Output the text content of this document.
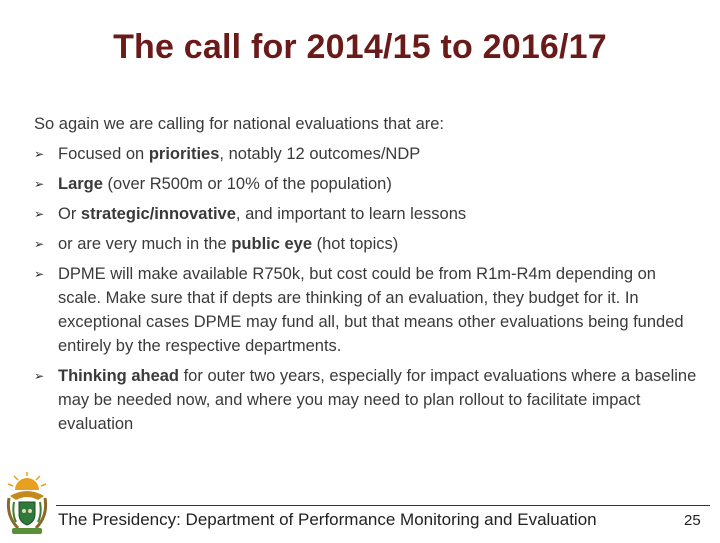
The call for 2014/15 to 2016/17

So again we are calling for national evaluations that are:

➢ Focused on priorities, notably 12 outcomes/NDP
➢ Large (over R500m or 10% of the population)
➢ Or strategic/innovative, and important to learn lessons
➢ or are very much in the public eye (hot topics)
➢ DPME will make available R750k, but cost could be from R1m-R4m depending on scale. Make sure that if depts are thinking of an evaluation, they budget for it. In exceptional cases DPME may fund all, but that means other evaluations being funded entirely by the respective departments.
➢ Thinking ahead for outer two years, especially for impact evaluations where a baseline may be needed now, and where you may need to plan rollout to facilitate impact evaluation
The Presidency: Department of Performance Monitoring and Evaluation	25
